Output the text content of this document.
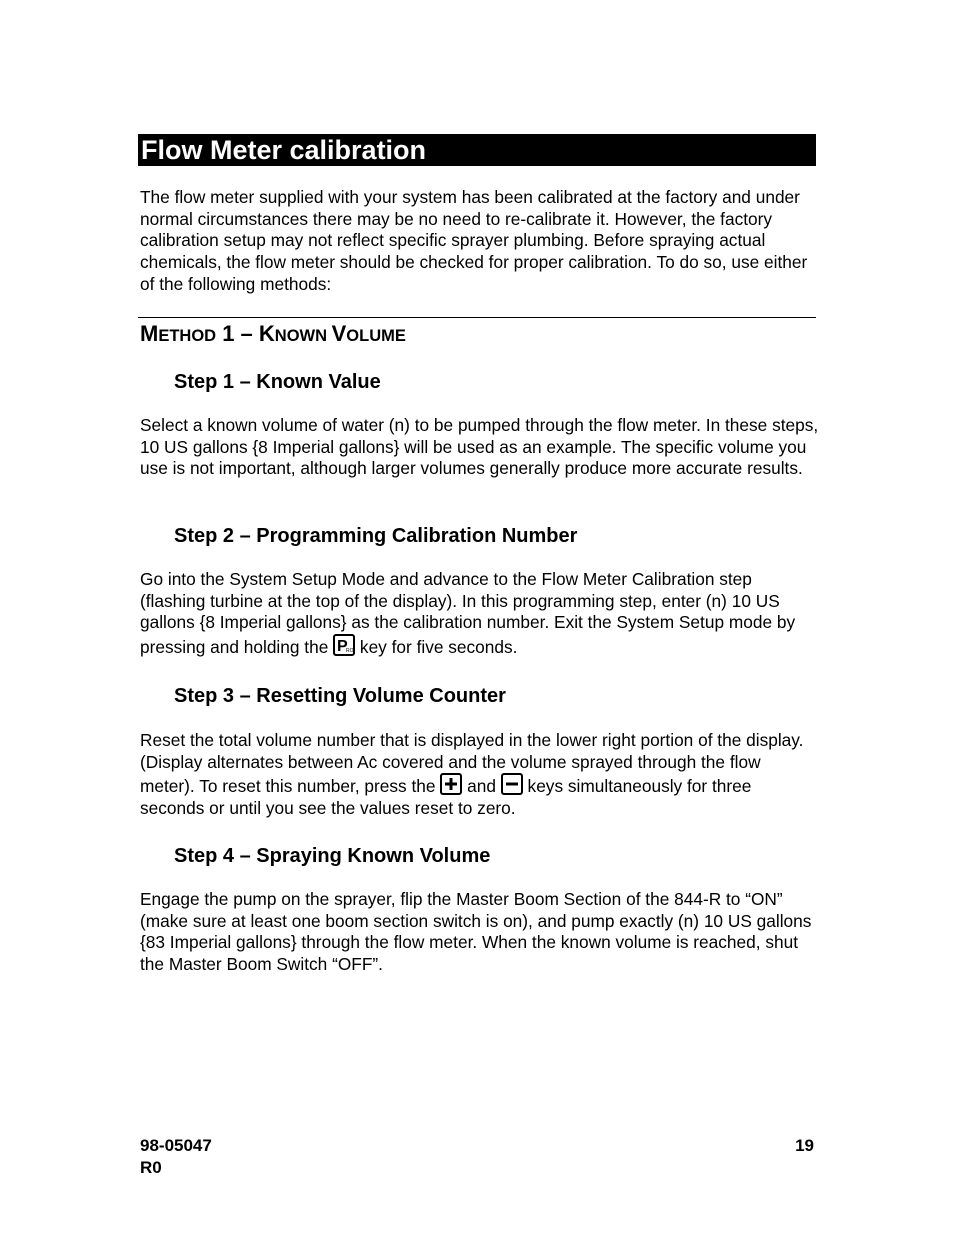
Flow Meter calibration

The flow meter supplied with your system has been calibrated at the factory and under normal circumstances there may be no need to re-calibrate it. However, the factory calibration setup may not reflect specific sprayer plumbing. Before spraying actual chemicals, the flow meter should be checked for proper calibration. To do so, use either of the following methods:

METHOD 1 – KNOWN VOLUME
Step 1 – Known Value

Select a known volume of water (n) to be pumped through the flow meter. In these steps, 10 US gallons {8 Imperial gallons} will be used as an example. The specific volume you use is not important, although larger volumes generally produce more accurate results.

Step 2 – Programming Calibration Number

Go into the System Setup Mode and advance to the Flow Meter Calibration step (flashing turbine at the top of the display). In this programming step, enter (n) 10 US gallons {8 Imperial gallons} as the calibration number. Exit the System Setup mode by pressing and holding the P
RO key for five seconds.

Step 3 – Resetting Volume Counter

Reset the total volume number that is displayed in the lower right portion of the display. (Display alternates between Ac covered and the volume sprayed through the flow meter). To reset this number, press the
and
keys simultaneously for three seconds or until you see the values reset to zero.

Step 4 – Spraying Known Volume

Engage the pump on the sprayer, flip the Master Boom Section of the 844-R to “ON” (make sure at least one boom section switch is on), and pump exactly (n) 10 US gallons {83 Imperial gallons} through the flow meter. When the known volume is reached, shut the Master Boom Switch “OFF”.

98-05047
R0
19
